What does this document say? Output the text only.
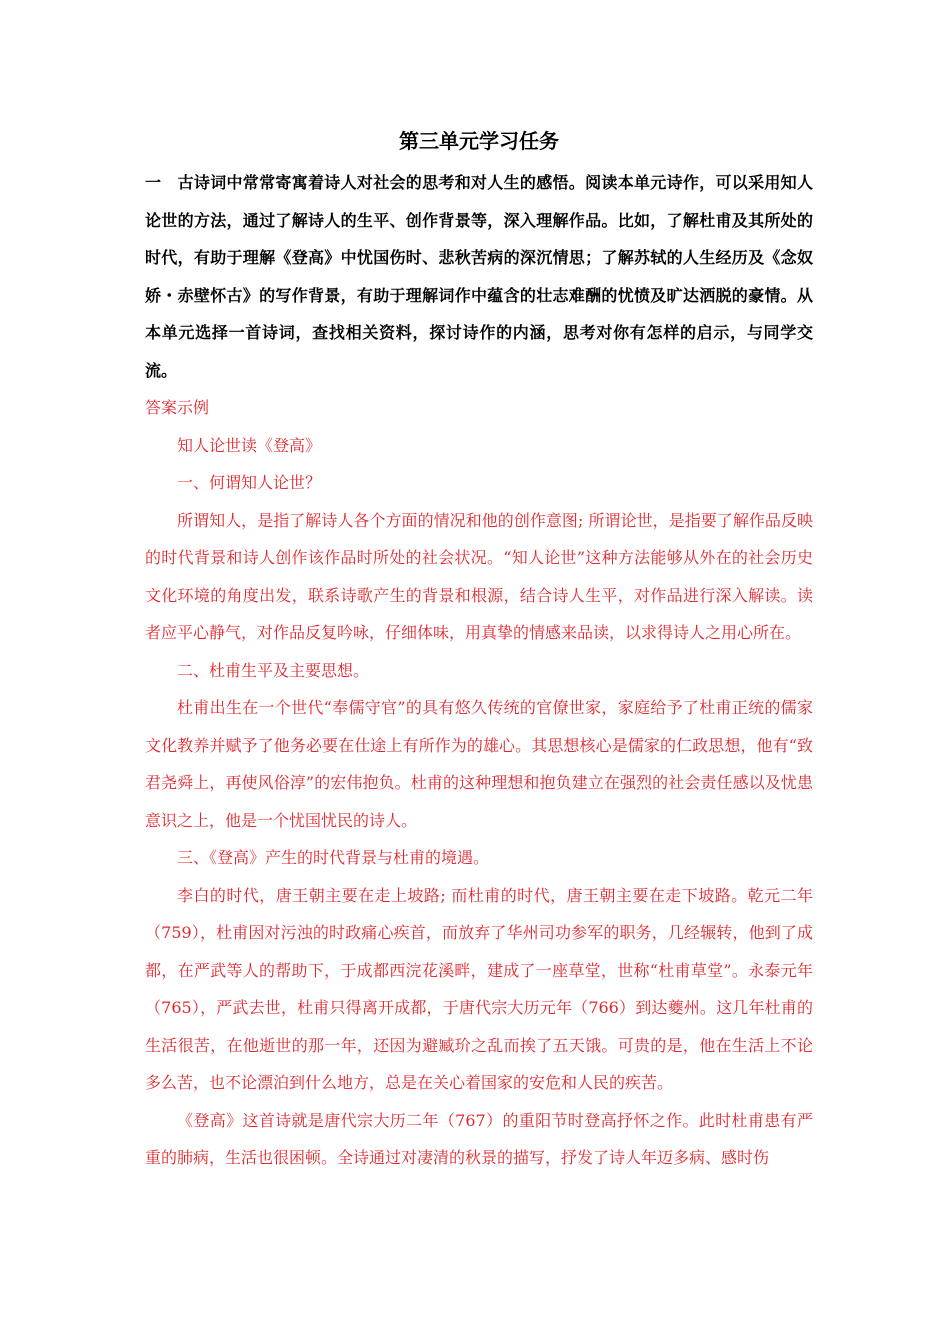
第三单元学习任务

一　古诗词中常常寄寓着诗人对社会的思考和对人生的感悟。阅读本单元诗作，可以采用知人论世的方法，通过了解诗人的生平、创作背景等，深入理解作品。比如，了解杜甫及其所处的时代，有助于理解《登高》中忧国伤时、悲秋苦病的深沉情思；了解苏轼的人生经历及《念奴娇・赤壁怀古》的写作背景，有助于理解词作中蕴含的壮志难酬的忧愤及旷达洒脱的豪情。从本单元选择一首诗词，查找相关资料，探讨诗作的内涵，思考对你有怎样的启示，与同学交流。

答案示例

知人论世读《登高》

一、何谓知人论世？

所谓知人，是指了解诗人各个方面的情况和他的创作意图; 所谓论世，是指要了解作品反映的时代背景和诗人创作该作品时所处的社会状况。“知人论世”这种方法能够从外在的社会历史文化环境的角度出发，联系诗歌产生的背景和根源，结合诗人生平，对作品进行深入解读。读者应平心静气，对作品反复吟咏，仔细体味，用真挚的情感来品读，以求得诗人之用心所在。

二、杜甫生平及主要思想。

杜甫出生在一个世代“奉儒守官”的具有悠久传统的官僚世家，家庭给予了杜甫正统的儒家文化教养并赋予了他务必要在仕途上有所作为的雄心。其思想核心是儒家的仁政思想，他有“致君尧舜上，再使风俗淳”的宏伟抱负。杜甫的这种理想和抱负建立在强烈的社会责任感以及忧患意识之上，他是一个忧国忧民的诗人。

三、《登高》产生的时代背景与杜甫的境遇。

李白的时代，唐王朝主要在走上坡路; 而杜甫的时代，唐王朝主要在走下坡路。乾元二年（759），杜甫因对污浊的时政痛心疾首，而放弃了华州司功参军的职务，几经辗转，他到了成都，在严武等人的帮助下，于成都西浣花溪畔，建成了一座草堂，世称“杜甫草堂”。永泰元年（765），严武去世，杜甫只得离开成都，于唐代宗大历元年（766）到达夔州。这几年杜甫的生活很苦，在他逝世的那一年，还因为避臧玠之乱而挨了五天饿。可贵的是，他在生活上不论多么苦，也不论漂泊到什么地方，总是在关心着国家的安危和人民的疾苦。

《登高》这首诗就是唐代宗大历二年（767）的重阳节时登高抒怀之作。此时杜甫患有严重的肺病，生活也很困顿。全诗通过对凄清的秋景的描写，抒发了诗人年迈多病、感时伤
